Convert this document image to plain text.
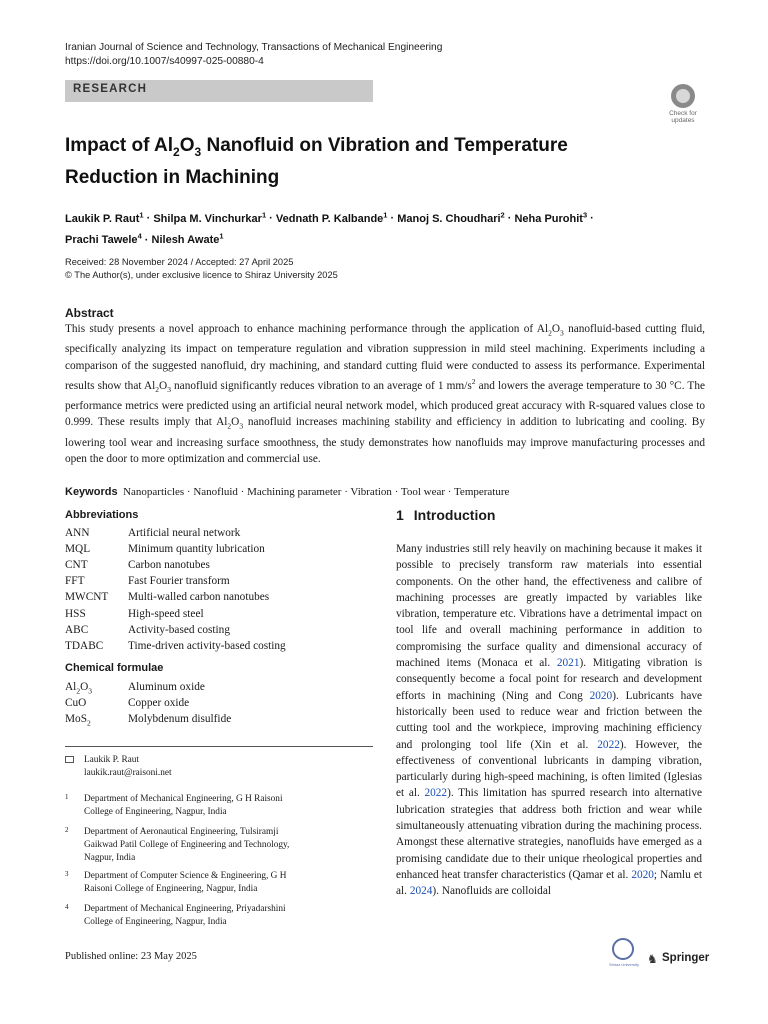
Iranian Journal of Science and Technology, Transactions of Mechanical Engineering
https://doi.org/10.1007/s40997-025-00880-4
RESEARCH
Check for
updates
Impact of $Al_2O_3$ Nanofluid on Vibration and Temperature Reduction in Machining
Laukik P. Raut$^1$ · Shilpa M. Vinchurkar$^1$ · Vednath P. Kalbande$^1$ · Manoj S. Choudhari$^2$ · Neha Purohit$^3$ ·
Prachi Tawele$^4$ · Nilesh Awate$^1$
Received: 28 November 2024 / Accepted: 27 April 2025
© The Author(s), under exclusive licence to Shiraz University 2025
Abstract
This study presents a novel approach to enhance machining performance through the application of $Al_2O_3$ nanofluid-based cutting fluid, specifically analyzing its impact on temperature regulation and vibration suppression in mild steel machining. Experiments including a comparison of the suggested nanofluid, dry machining, and standard cutting fluid were conducted to assess its performance. Experimental results show that $Al_2O_3$ nanofluid significantly reduces vibration to an average of 1 $mm/s^2$ and lowers the average temperature to 30 °C. The performance metrics were predicted using an artificial neural network model, which produced great accuracy with R-squared values close to 0.999. These results imply that $Al_2O_3$ nanofluid increases machining stability and efficiency in addition to lubricating and cooling. By lowering tool wear and increasing surface smoothness, the study demonstrates how nanofluids may improve manufacturing processes and open the door to more optimization and commercial use.
Keywords Nanoparticles · Nanofluid · Machining parameter · Vibration · Tool wear · Temperature
Abbreviations
ANN	Artificial neural network
MQL	Minimum quantity lubrication
CNT	Carbon nanotubes
FFT	Fast Fourier transform
MWCNT Multi-walled carbon nanotubes
HSS	High-speed steel
ABC	Activity-based costing
TDABC Time-driven activity-based costing
Chemical formulae
$Al_2O_3$	Aluminum oxide
CuO	Copper oxide
MoS$_2$	Molybdenum disulfide
Laukik P. Raut
laukik.raut@raisoni.net
1 Department of Mechanical Engineering, G H Raisoni
College of Engineering, Nagpur, India
2 Department of Aeronautical Engineering, Tulsiramji
Gaikwad Patil College of Engineering and Technology,
Nagpur, India
3 Department of Computer Science & Engineering, G H
Raisoni College of Engineering, Nagpur, India
4 Department of Mechanical Engineering, Priyadarshini
College of Engineering, Nagpur, India
Published online: 23 May 2025
1 Introduction
Many industries still rely heavily on machining because it makes it possible to precisely transform raw materials into essential components. On the other hand, the effectiveness and calibre of machining processes are greatly impacted by variables like vibration, temperature etc. Vibrations have a detrimental impact on tool life and overall machining performance in addition to compromising the surface quality and dimensional accuracy of machined items (Monaca et al. 2021). Mitigating vibration is consequently become a focal point for research and development efforts in machining (Ning and Cong 2020). Lubricants have historically been used to reduce wear and friction between the cutting tool and the workpiece, improving machining efficiency and prolonging tool life (Xin et al. 2022). However, the effectiveness of conventional lubricants in damping vibration, particularly during high-speed machining, is often limited (Iglesias et al. 2022). This limitation has spurred research into alternative lubrication strategies that address both friction and wear while simultaneously attenuating vibration during the machining process. Amongst these alternative strategies, nanofluids have emerged as a promising candidate due to their unique rheological properties and enhanced heat transfer characteristics (Qamar et al. 2020; Namlu et al. 2024). Nanofluids are colloidal
Shiraz University ♞ Springer
